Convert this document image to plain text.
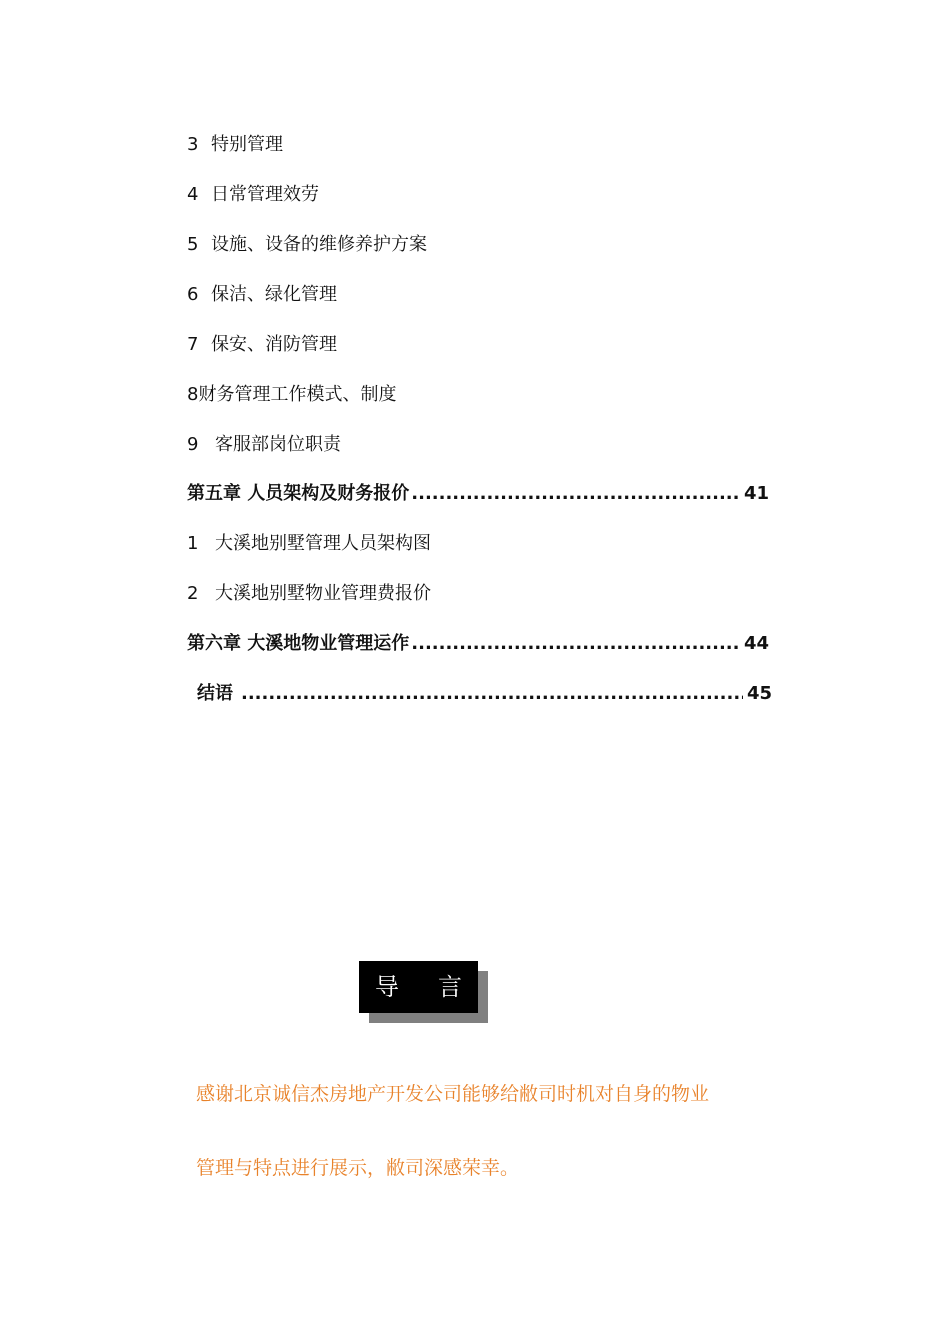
3 特别管理
4 日常管理效劳
5 设施、设备的维修养护方案
6 保洁、绿化管理
7 保安、消防管理
8财务管理工作模式、制度
9 客服部岗位职责
第五章 人员架构及财务报价 .....	41
1 大溪地别墅管理人员架构图
2 大溪地别墅物业管理费报价
第六章 大溪地物业管理运作 .....	44
结语 .....	45
导 言
感谢北京诚信杰房地产开发公司能够给敝司时机对自身的物业
管理与特点进行展示，敝司深感荣幸。
